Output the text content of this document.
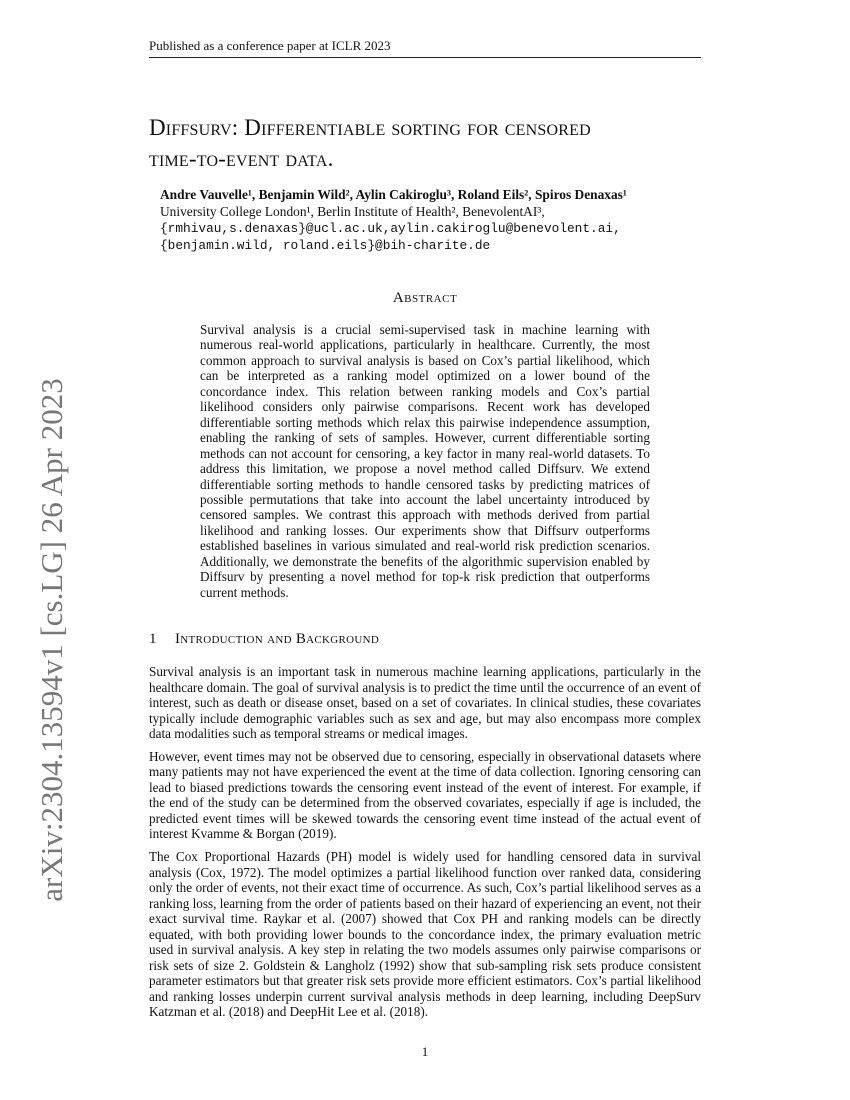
Published as a conference paper at ICLR 2023
arXiv:2304.13594v1 [cs.LG] 26 Apr 2023
Diffsurv: Differentiable sorting for censored
time-to-event data.
Andre Vauvelle¹, Benjamin Wild², Aylin Cakiroglu³, Roland Eils², Spiros Denaxas¹
University College London¹, Berlin Institute of Health², BenevolentAI³,
{rmhivau,s.denaxas}@ucl.ac.uk,aylin.cakiroglu@benevolent.ai,
{benjamin.wild, roland.eils}@bih-charite.de
Abstract
Survival analysis is a crucial semi-supervised task in machine learning with numerous real-world applications, particularly in healthcare. Currently, the most common approach to survival analysis is based on Cox’s partial likelihood, which can be interpreted as a ranking model optimized on a lower bound of the concordance index. This relation between ranking models and Cox’s partial likelihood considers only pairwise comparisons. Recent work has developed differentiable sorting methods which relax this pairwise independence assumption, enabling the ranking of sets of samples. However, current differentiable sorting methods can not account for censoring, a key factor in many real-world datasets. To address this limitation, we propose a novel method called Diffsurv. We extend differentiable sorting methods to handle censored tasks by predicting matrices of possible permutations that take into account the label uncertainty introduced by censored samples. We contrast this approach with methods derived from partial likelihood and ranking losses. Our experiments show that Diffsurv outperforms established baselines in various simulated and real-world risk prediction scenarios. Additionally, we demonstrate the benefits of the algorithmic supervision enabled by Diffsurv by presenting a novel method for top-k risk prediction that outperforms current methods.
1 Introduction and Background

Survival analysis is an important task in numerous machine learning applications, particularly in the healthcare domain. The goal of survival analysis is to predict the time until the occurrence of an event of interest, such as death or disease onset, based on a set of covariates. In clinical studies, these covariates typically include demographic variables such as sex and age, but may also encompass more complex data modalities such as temporal streams or medical images.

However, event times may not be observed due to censoring, especially in observational datasets where many patients may not have experienced the event at the time of data collection. Ignoring censoring can lead to biased predictions towards the censoring event instead of the event of interest. For example, if the end of the study can be determined from the observed covariates, especially if age is included, the predicted event times will be skewed towards the censoring event time instead of the actual event of interest Kvamme & Borgan (2019).

The Cox Proportional Hazards (PH) model is widely used for handling censored data in survival analysis (Cox, 1972). The model optimizes a partial likelihood function over ranked data, considering only the order of events, not their exact time of occurrence. As such, Cox’s partial likelihood serves as a ranking loss, learning from the order of patients based on their hazard of experiencing an event, not their exact survival time. Raykar et al. (2007) showed that Cox PH and ranking models can be directly equated, with both providing lower bounds to the concordance index, the primary evaluation metric used in survival analysis. A key step in relating the two models assumes only pairwise comparisons or risk sets of size 2. Goldstein & Langholz (1992) show that sub-sampling risk sets produce consistent parameter estimators but that greater risk sets provide more efficient estimators. Cox’s partial likelihood and ranking losses underpin current survival analysis methods in deep learning, including DeepSurv Katzman et al. (2018) and DeepHit Lee et al. (2018).

1
